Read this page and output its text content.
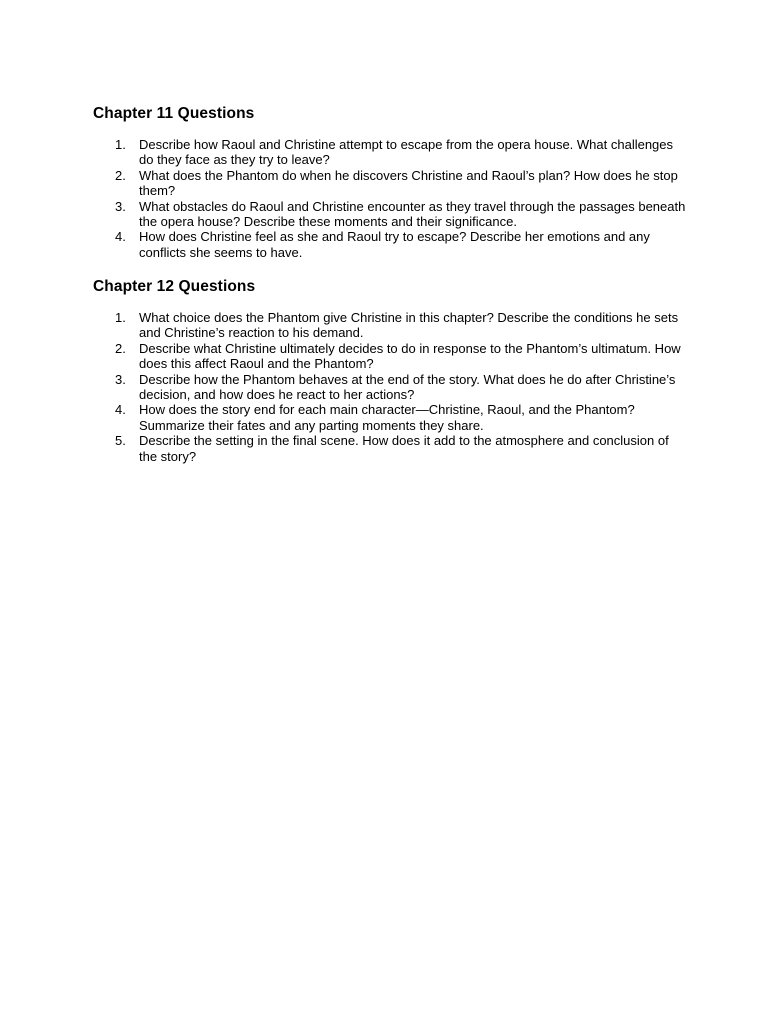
Chapter 11 Questions
1.	Describe how Raoul and Christine attempt to escape from the opera house. What challenges do they face as they try to leave?
2.	What does the Phantom do when he discovers Christine and Raoul’s plan? How does he stop them?
3.	What obstacles do Raoul and Christine encounter as they travel through the passages beneath the opera house? Describe these moments and their significance.
4.	How does Christine feel as she and Raoul try to escape? Describe her emotions and any conflicts she seems to have.
Chapter 12 Questions
1.	What choice does the Phantom give Christine in this chapter? Describe the conditions he sets and Christine’s reaction to his demand.
2.	Describe what Christine ultimately decides to do in response to the Phantom’s ultimatum. How does this affect Raoul and the Phantom?
3.	Describe how the Phantom behaves at the end of the story. What does he do after Christine’s decision, and how does he react to her actions?
4.	How does the story end for each main character—Christine, Raoul, and the Phantom? Summarize their fates and any parting moments they share.
5.	Describe the setting in the final scene. How does it add to the atmosphere and conclusion of the story?
